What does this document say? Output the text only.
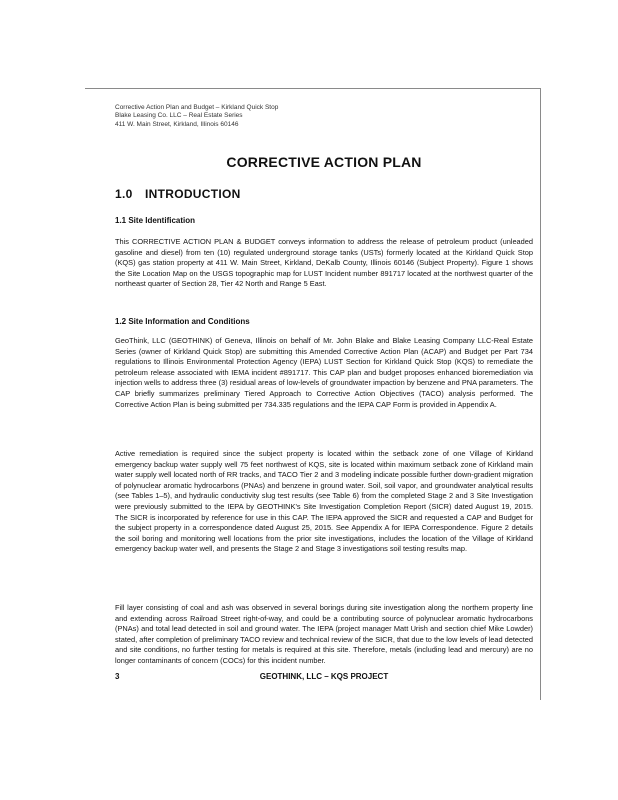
Corrective Action Plan and Budget – Kirkland Quick Stop
Blake Leasing Co. LLC – Real Estate Series
411 W. Main Street, Kirkland, Illinois 60146
CORRECTIVE ACTION PLAN
1.0 INTRODUCTION
1.1 Site Identification
This CORRECTIVE ACTION PLAN & BUDGET conveys information to address the release of petroleum product (unleaded gasoline and diesel) from ten (10) regulated underground storage tanks (USTs) formerly located at the Kirkland Quick Stop (KQS) gas station property at 411 W. Main Street, Kirkland, DeKalb County, Illinois 60146 (Subject Property). Figure 1 shows the Site Location Map on the USGS topographic map for LUST Incident number 891717 located at the northwest quarter of the northeast quarter of Section 28, Tier 42 North and Range 5 East.
1.2 Site Information and Conditions
GeoThink, LLC (GEOTHINK) of Geneva, Illinois on behalf of Mr. John Blake and Blake Leasing Company LLC-Real Estate Series (owner of Kirkland Quick Stop) are submitting this Amended Corrective Action Plan (ACAP) and Budget per Part 734 regulations to Illinois Environmental Protection Agency (IEPA) LUST Section for Kirkland Quick Stop (KQS) to remediate the petroleum release associated with IEMA incident #891717. This CAP plan and budget proposes enhanced bioremediation via injection wells to address three (3) residual areas of low-levels of groundwater impaction by benzene and PNA parameters. The CAP briefly summarizes preliminary Tiered Approach to Corrective Action Objectives (TACO) analysis performed. The Corrective Action Plan is being submitted per 734.335 regulations and the IEPA CAP Form is provided in Appendix A.
Active remediation is required since the subject property is located within the setback zone of one Village of Kirkland emergency backup water supply well 75 feet northwest of KQS, site is located within maximum setback zone of Kirkland main water supply well located north of RR tracks, and TACO Tier 2 and 3 modeling indicate possible further down-gradient migration of polynuclear aromatic hydrocarbons (PNAs) and benzene in ground water. Soil, soil vapor, and groundwater analytical results (see Tables 1–5), and hydraulic conductivity slug test results (see Table 6) from the completed Stage 2 and 3 Site Investigation were previously submitted to the IEPA by GEOTHINK's Site Investigation Completion Report (SICR) dated August 19, 2015. The SICR is incorporated by reference for use in this CAP. The IEPA approved the SICR and requested a CAP and Budget for the subject property in a correspondence dated August 25, 2015. See Appendix A for IEPA Correspondence. Figure 2 details the soil boring and monitoring well locations from the prior site investigations, includes the location of the Village of Kirkland emergency backup water well, and presents the Stage 2 and Stage 3 investigations soil testing results map.
Fill layer consisting of coal and ash was observed in several borings during site investigation along the northern property line and extending across Railroad Street right-of-way, and could be a contributing source of polynuclear aromatic hydrocarbons (PNAs) and total lead detected in soil and ground water. The IEPA (project manager Matt Urish and section chief Mike Lowder) stated, after completion of preliminary TACO review and technical review of the SICR, that due to the low levels of lead detected and site conditions, no further testing for metals is required at this site. Therefore, metals (including lead and mercury) are no longer contaminants of concern (COCs) for this incident number.
3	GEOTHINK, LLC – KQS PROJECT
